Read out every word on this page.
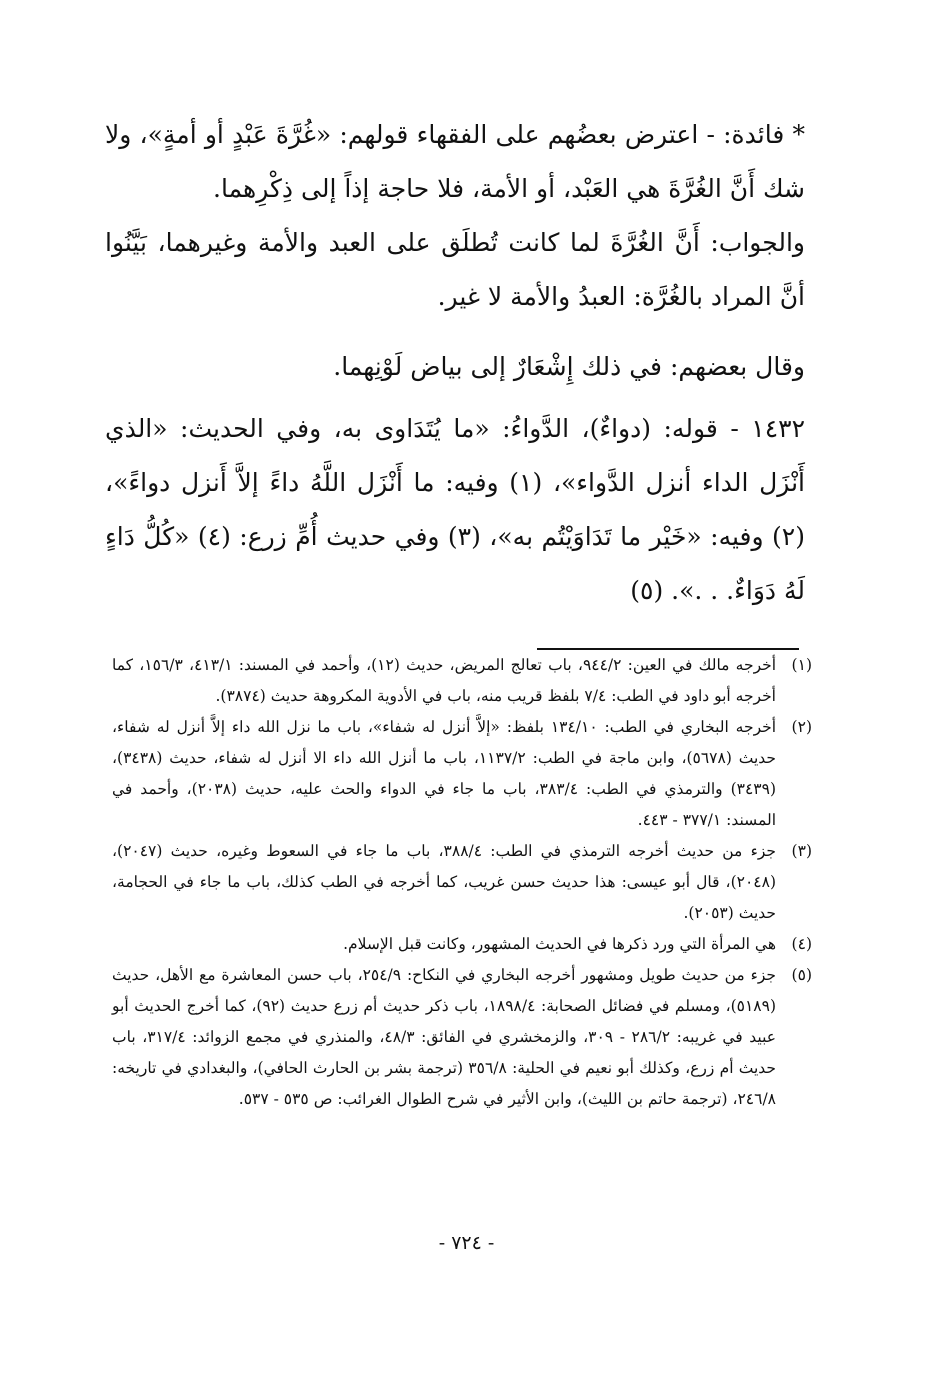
* فائدة: - اعترض بعضُهم على الفقهاء قولهم: «غُرَّةَ عَبْدٍ أو أمةٍ»، ولا شك أَنَّ الغُرَّةَ هي العَبْد، أو الأمة، فلا حاجة إذاً إلى ذِكْرِهما.

والجواب: أَنَّ الغُرَّةَ لما كانت تُطلَق على العبد والأمة وغيرهما، بَيَّنُوا أنَّ المراد بالغُرَّة: العبدُ والأمة لا غير.

وقال بعضهم: في ذلك إِشْعَارٌ إلى بياض لَوْنِهما.

١٤٣٢ - قوله: (دواءٌ)، الدَّواءُ: «ما يُتَدَاوى به، وفي الحديث: «الذي أَنْزَل الداء أنزل الدَّواء»، (١) وفيه: ما أَنْزَل اللَّهُ داءً إلاَّ أَنزل دواءً»، (٢) وفيه: «خَيْر ما تَدَاوَيْتُم به»، (٣) وفي حديث أُمِّ زرع: (٤) «كُلُّ دَاءٍ لَهُ دَوَاءٌ. . .». (٥)

(١)
أخرجه مالك في العين: ٩٤٤/٢، باب تعالج المريض، حديث (١٢)، وأحمد في المسند: ٤١٣/١، ١٥٦/٣، كما أخرجه أبو داود في الطب: ٧/٤ بلفظ قريب منه، باب في الأدوية المكروهة حديث (٣٨٧٤).
(٢)
أخرجه البخاري في الطب: ١٣٤/١٠ بلفظ: «إلاَّ أنزل له شفاء»، باب ما نزل الله داء إلاَّ أنزل له شفاء، حديث (٥٦٧٨)، وابن ماجة في الطب: ١١٣٧/٢، باب ما أنزل الله داء الا أنزل له شفاء، حديث (٣٤٣٨)، (٣٤٣٩) والترمذي في الطب: ٣٨٣/٤، باب ما جاء في الدواء والحث عليه، حديث (٢٠٣٨)، وأحمد في المسند: ٣٧٧/١ - ٤٤٣.
(٣)
جزء من حديث أخرجه الترمذي في الطب: ٣٨٨/٤، باب ما جاء في السعوط وغيره، حديث (٢٠٤٧)، (٢٠٤٨)، قال أبو عيسى: هذا حديث حسن غريب، كما أخرجه في الطب كذلك، باب ما جاء في الحجامة، حديث (٢٠٥٣).
(٤)
هي المرأة التي ورد ذكرها في الحديث المشهور، وكانت قبل الإسلام.
(٥)
جزء من حديث طويل ومشهور أخرجه البخاري في النكاح: ٢٥٤/٩، باب حسن المعاشرة مع الأهل، حديث (٥١٨٩)، ومسلم في فضائل الصحابة: ١٨٩٨/٤، باب ذكر حديث أم زرع حديث (٩٢)، كما أخرج الحديث أبو عبيد في غريبه: ٢٨٦/٢ - ٣٠٩، والزمخشري في الفائق: ٤٨/٣، والمنذري في مجمع الزوائد: ٣١٧/٤، باب حديث أم زرع، وكذلك أبو نعيم في الحلية: ٣٥٦/٨ (ترجمة بشر بن الحارث الحافي)، والبغدادي في تاريخه: ٢٤٦/٨، (ترجمة حاتم بن الليث)، وابن الأثير في شرح الطوال الغرائب: ص ٥٣٥ - ٥٣٧.
- ٧٢٤ -
